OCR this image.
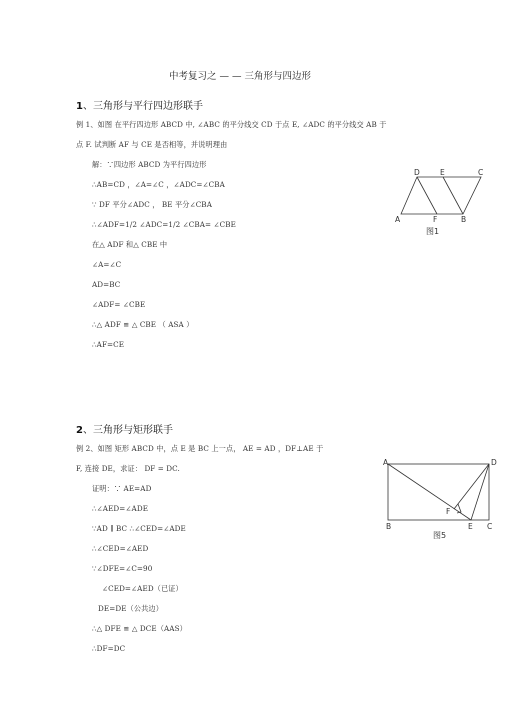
中考复习之 — — 三角形与四边形
1、三角形与平行四边形联手
例 1、如图 在平行四边形 ABCD 中, ∠ABC 的平分线交 CD 于点 E, ∠ADC 的平分线交 AB 于
点 F. 试判断 AF 与 CE 是否相等，并说明理由
解：∵四边形 ABCD 为平行四边形
∴AB=CD ，∠A=∠C ，∠ADC=∠CBA
∵ DF 平分∠ADC ， BE 平分∠CBA
∴∠ADF=1/2 ∠ADC=1/2 ∠CBA= ∠CBE
在△ ADF 和△ CBE 中
∠A=∠C
AD=BC
∠ADF= ∠CBE
∴△ ADF ≌ △ CBE （ ASA ）
∴AF=CE
D	E	C
A	F	B
图1
2、三角形与矩形联手
例 2、如图 矩形 ABCD 中，点 E 是 BC 上一点， AE = AD ，DF⊥AE 于
F, 连接 DE，求证： DF = DC.
证明：∵ AE=AD
∴∠AED=∠ADE
∵AD ∥ BC ∴∠CED=∠ADE
∴∠CED=∠AED
∵∠DFE=∠C=90
∠CED=∠AED（已证）
DE=DE（公共边）
∴△ DFE ≌ △ DCE（AAS）
∴DF=DC
A	D
F
B	E C
图5
